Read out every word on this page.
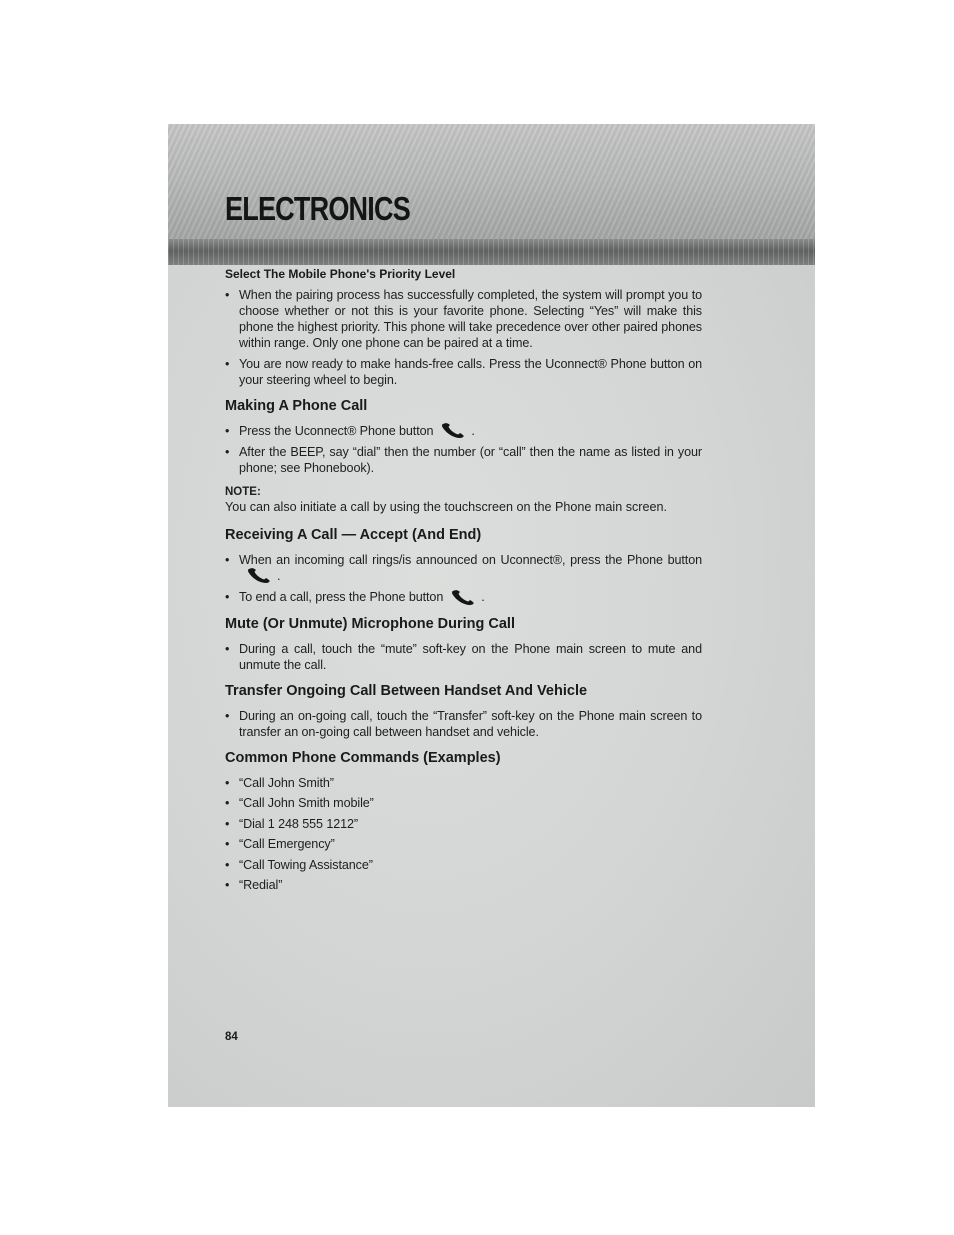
ELECTRONICS
Select The Mobile Phone's Priority Level
• When the pairing process has successfully completed, the system will prompt you to choose whether or not this is your favorite phone. Selecting “Yes” will make this phone the highest priority. This phone will take precedence over other paired phones within range. Only one phone can be paired at a time.
• You are now ready to make hands-free calls. Press the Uconnect® Phone button on your steering wheel to begin.
Making A Phone Call
• Press the Uconnect® Phone button	.
• After the BEEP, say “dial” then the number (or “call” then the name as listed in your phone; see Phonebook).
NOTE:
You can also initiate a call by using the touchscreen on the Phone main screen.
Receiving A Call — Accept (And End)
• When an incoming call rings/is announced on Uconnect®, press the Phone button.
• To end a call, press the Phone button	.
Mute (Or Unmute) Microphone During Call
• During a call, touch the “mute” soft-key on the Phone main screen to mute and unmute the call.
Transfer Ongoing Call Between Handset And Vehicle
• During an on-going call, touch the “Transfer” soft-key on the Phone main screen to transfer an on-going call between handset and vehicle.
Common Phone Commands (Examples)
• “Call John Smith”
• “Call John Smith mobile”
• “Dial 1 248 555 1212”
• “Call Emergency”
• “Call Towing Assistance”
• “Redial”
84
